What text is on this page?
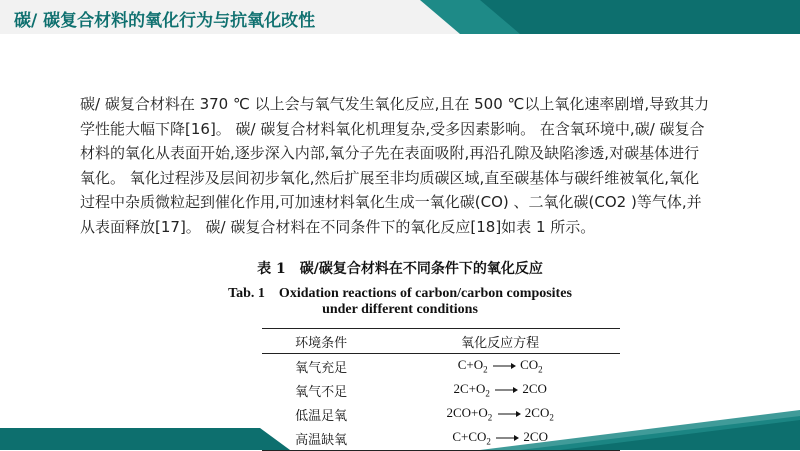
碳/ 碳复合材料的氧化行为与抗氧化改性
碳/ 碳复合材料在 370 ℃ 以上会与氧气发生氧化反应,且在 500 ℃以上氧化速率剧增,导致其力学性能大幅下降[16]。 碳/ 碳复合材料氧化机理复杂,受多因素影响。 在含氧环境中,碳/ 碳复合材料的氧化从表面开始,逐步深入内部,氧分子先在表面吸附,再沿孔隙及缺陷渗透,对碳基体进行氧化。 氧化过程涉及层间初步氧化,然后扩展至非均质碳区域,直至碳基体与碳纤维被氧化,氧化过程中杂质微粒起到催化作用,可加速材料氧化生成一氧化碳(CO) 、二氧化碳(CO2 )等气体,并从表面释放[17]。 碳/ 碳复合材料在不同条件下的氧化反应[18]如表 1 所示。
表 1　碳/碳复合材料在不同条件下的氧化反应
Tab. 1　Oxidation reactions of carbon/carbon composites
under different conditions
环境条件	氧化反应方程
氧气充足	$C+O_2$ $CO_2$
氧气不足	$2C+O_2$ 2CO
低温足氧	$2CO+O_2$ $2CO_2$
高温缺氧	$C+CO_2$ 2CO
